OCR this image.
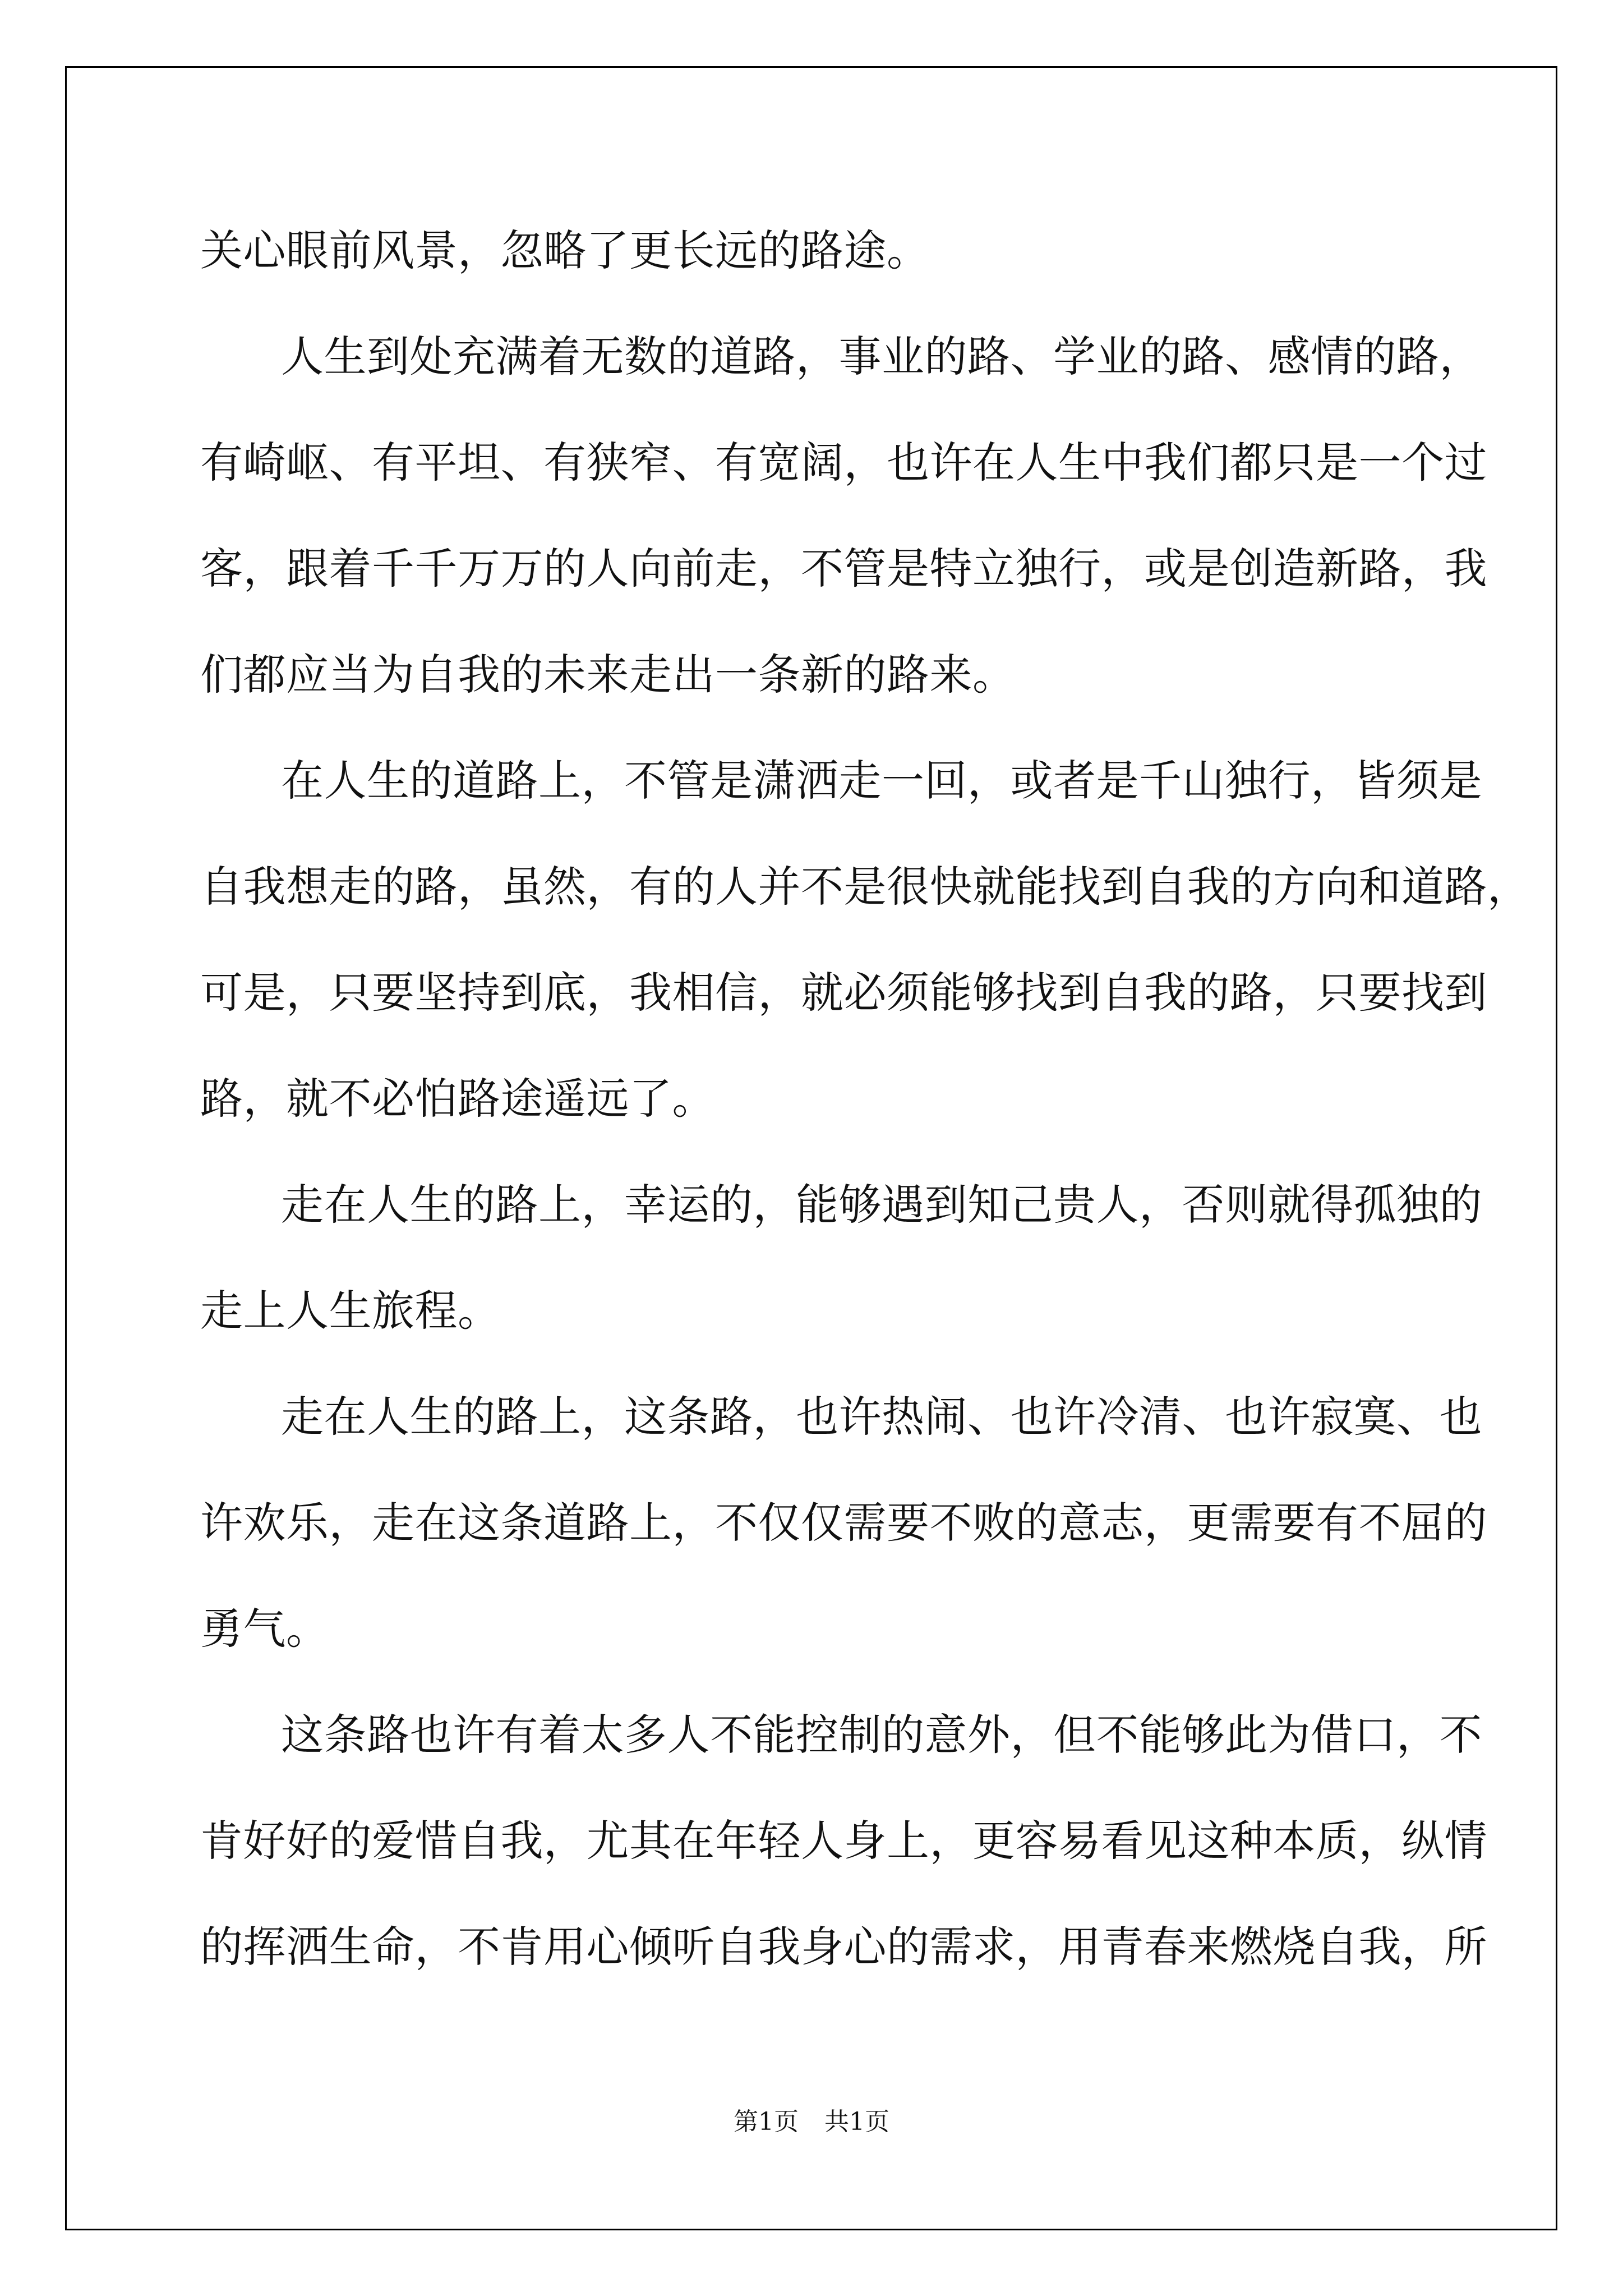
关心眼前风景，忽略了更长远的路途。
人生到处充满着无数的道路，事业的路、学业的路、感情的路，
有崎岖、有平坦、有狭窄、有宽阔，也许在人生中我们都只是一个过
客，跟着千千万万的人向前走，不管是特立独行，或是创造新路，我
们都应当为自我的未来走出一条新的路来。
在人生的道路上，不管是潇洒走一回，或者是千山独行，皆须是
自我想走的路，虽然，有的人并不是很快就能找到自我的方向和道路，
可是，只要坚持到底，我相信，就必须能够找到自我的路，只要找到
路，就不必怕路途遥远了。
走在人生的路上，幸运的，能够遇到知己贵人，否则就得孤独的
走上人生旅程。
走在人生的路上，这条路，也许热闹、也许冷清、也许寂寞、也
许欢乐，走在这条道路上，不仅仅需要不败的意志，更需要有不屈的
勇气。
这条路也许有着太多人不能控制的意外，但不能够此为借口，不
肯好好的爱惜自我，尤其在年轻人身上，更容易看见这种本质，纵情
的挥洒生命，不肯用心倾听自我身心的需求，用青春来燃烧自我，所
第1页 共1页
